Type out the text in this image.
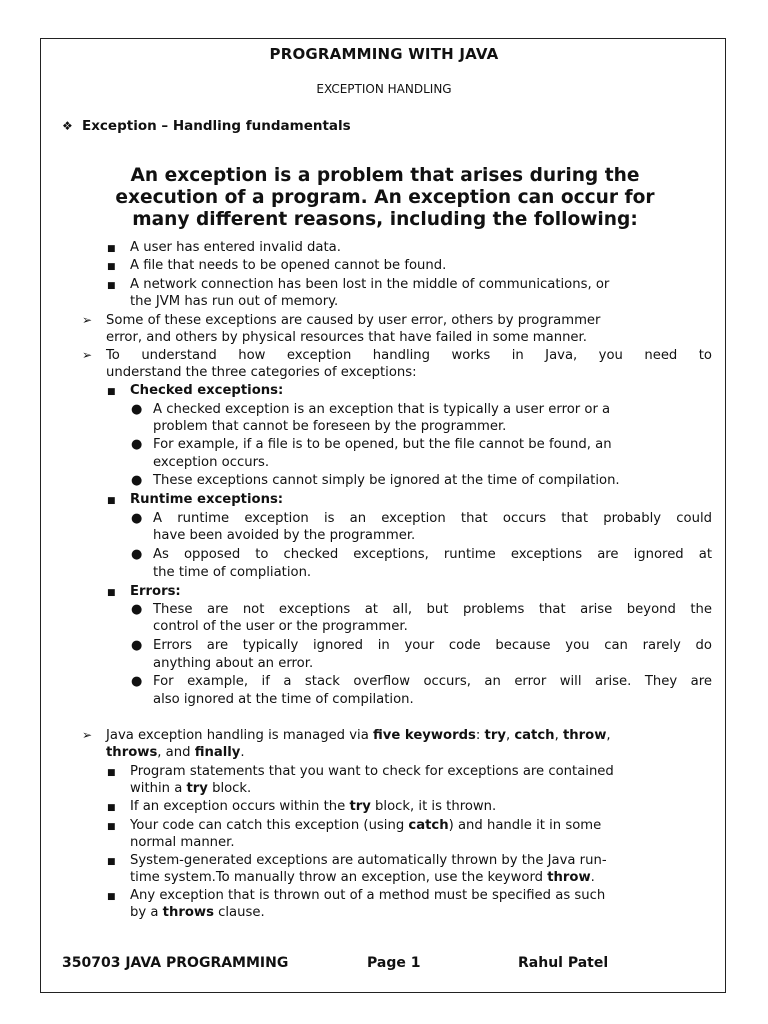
PROGRAMMING WITH JAVA
EXCEPTION HANDLING
❖ Exception – Handling fundamentals
An exception is a problem that arises during the
execution of a program. An exception can occur for
many different reasons, including the following:
■ A user has entered invalid data.
■ A file that needs to be opened cannot be found.
■ A network connection has been lost in the middle of communications, or
the JVM has run out of memory.
➢ Some of these exceptions are caused by user error, others by programmer
error, and others by physical resources that have failed in some manner.
➢ To understand how exception handling works in Java, you need to
understand the three categories of exceptions:
■ Checked exceptions:
● A checked exception is an exception that is typically a user error or a
problem that cannot be foreseen by the programmer.
● For example, if a file is to be opened, but the file cannot be found, an
exception occurs.
● These exceptions cannot simply be ignored at the time of compilation.
■ Runtime exceptions:
● A runtime exception is an exception that occurs that probably could
have been avoided by the programmer.
● As opposed to checked exceptions, runtime exceptions are ignored at
the time of compliation.
■ Errors:
● These are not exceptions at all, but problems that arise beyond the
control of the user or the programmer.
● Errors are typically ignored in your code because you can rarely do
anything about an error.
● For example, if a stack overflow occurs, an error will arise. They are
also ignored at the time of compilation.
➢ Java exception handling is managed via five keywords: try, catch, throw,
throws, and finally.
■ Program statements that you want to check for exceptions are contained
within a try block.
■ If an exception occurs within the try block, it is thrown.
■ Your code can catch this exception (using catch) and handle it in some
normal manner.
■ System-generated exceptions are automatically thrown by the Java run-
time system.To manually throw an exception, use the keyword throw.
■ Any exception that is thrown out of a method must be specified as such
by a throws clause.
350703 JAVA PROGRAMMING	Page 1	Rahul Patel
